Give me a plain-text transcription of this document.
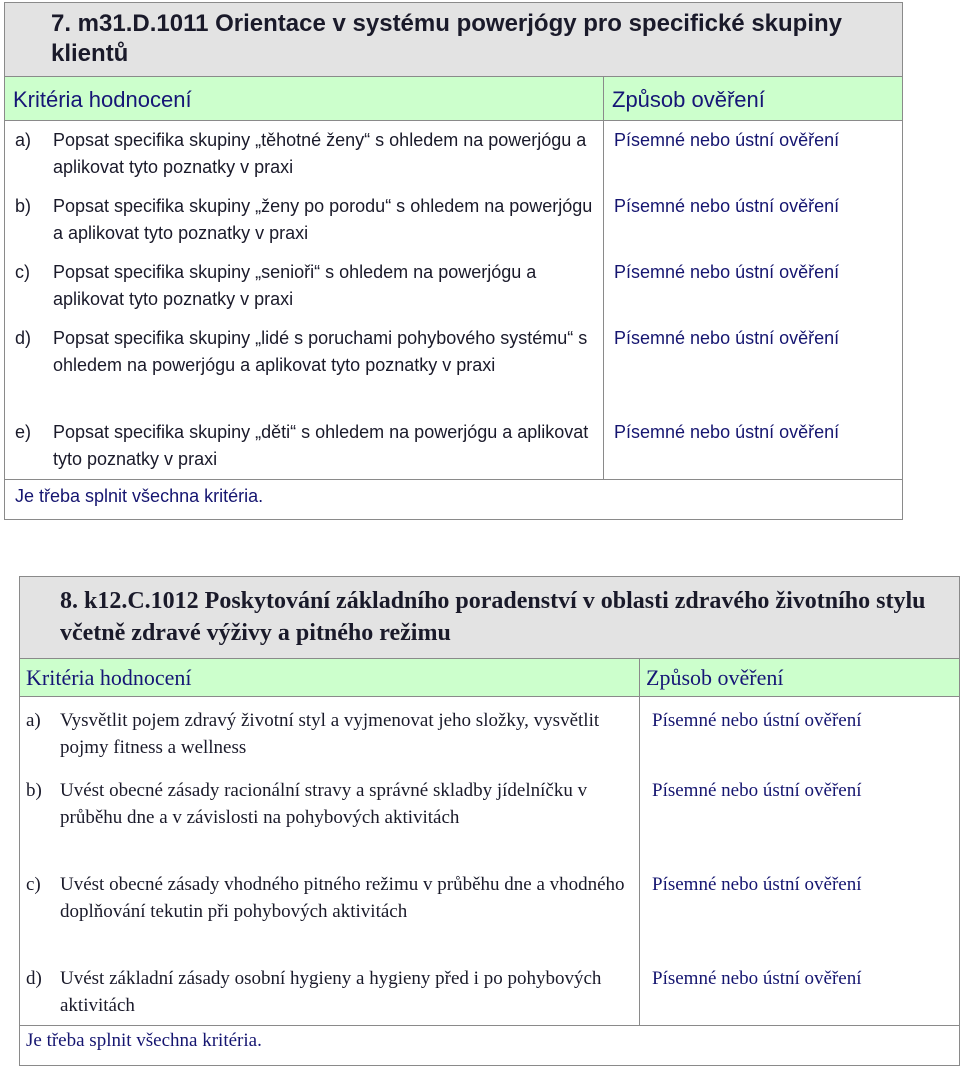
7. m31.D.1011 Orientace v systému powerjógy pro specifické skupiny klientů	
Kritéria hodnocení	Způsob ověření

a) Popsat specifika skupiny „těhotné ženy“ s ohledem na powerjógu a aplikovat tyto poznatky v praxi	Písemné nebo ústní ověření

b) Popsat specifika skupiny „ženy po porodu“ s ohledem na powerjógu a aplikovat tyto poznatky v praxi	Písemné nebo ústní ověření

c) Popsat specifika skupiny „senioři“ s ohledem na powerjógu a aplikovat tyto poznatky v praxi	Písemné nebo ústní ověření

d) Popsat specifika skupiny „lidé s poruchami pohybového systému“ s ohledem na powerjógu a aplikovat tyto poznatky v praxi	Písemné nebo ústní ověření

e) Popsat specifika skupiny „děti“ s ohledem na powerjógu a aplikovat tyto poznatky v praxi	Písemné nebo ústní ověření
Je třeba splnit všechna kritéria.	
8. k12.C.1012 Poskytování základního poradenství v oblasti zdravého životního stylu včetně zdravé výživy a pitného režimu	
Kritéria hodnocení	Způsob ověření

a) Vysvětlit pojem zdravý životní styl a vyjmenovat jeho složky, vysvětlit pojmy fitness a wellness	Písemné nebo ústní ověření

b) Uvést obecné zásady racionální stravy a správné skladby jídelníčku v průběhu dne a v závislosti na pohybových aktivitách	Písemné nebo ústní ověření

c) Uvést obecné zásady vhodného pitného režimu v průběhu dne a vhodného doplňování tekutin při pohybových aktivitách	Písemné nebo ústní ověření

d) Uvést základní zásady osobní hygieny a hygieny před i po pohybových aktivitách	Písemné nebo ústní ověření
Je třeba splnit všechna kritéria.	
